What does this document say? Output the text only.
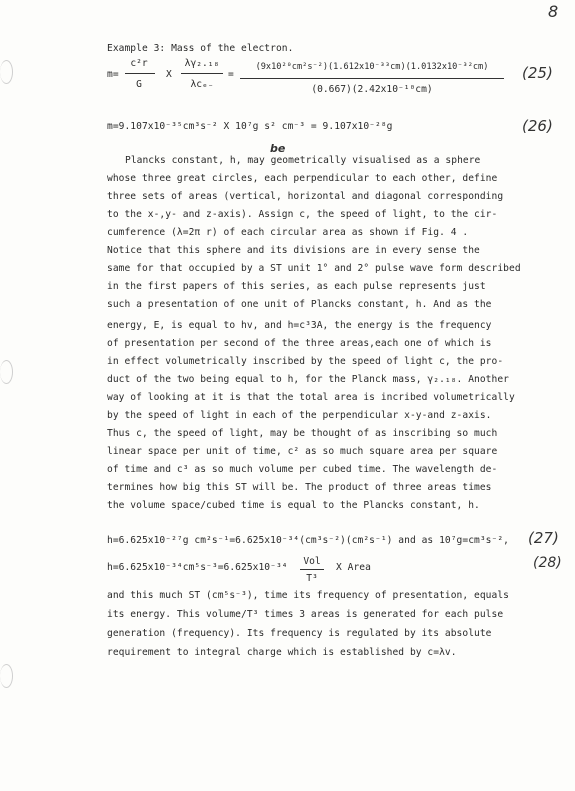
8
Example 3: Mass of the electron.
m=
c²r
G
X
λγ₂.₁₈
λcₑ₋
=
(9x10²⁰cm²s⁻²)(1.612x10⁻³³cm)(1.0132x10⁻³²cm)
(0.667)(2.42x10⁻¹⁰cm)
(25)
m=9.107x10⁻³⁵cm³s⁻² X 10⁷g s² cm⁻³ = 9.107x10⁻²⁸g	(26)
be
Plancks constant, h, may geometrically visualised as a sphere
whose three great circles, each perpendicular to each other, define
three sets of areas (vertical, horizontal and diagonal corresponding
to the x-,y- and z-axis). Assign c, the speed of light, to the cir-
cumference (λ=2π r) of each circular area as shown if Fig. 4 .
Notice that this sphere and its divisions are in every sense the
same for that occupied by a ST unit 1° and 2° pulse wave form described
in the first papers of this series, as each pulse represents just
such a presentation of one unit of Plancks constant, h. And as the
energy, E, is equal to hv, and h=c³3A, the energy is the frequency
of presentation per second of the three areas,each one of which is
in effect volumetrically inscribed by the speed of light c, the pro-
duct of the two being equal to h, for the Planck mass, γ₂.₁₈. Another
way of looking at it is that the total area is incribed volumetrically
by the speed of light in each of the perpendicular x-y-and z-axis.
Thus c, the speed of light, may be thought of as inscribing so much
linear space per unit of time, c² as so much square area per square
of time and c³ as so much volume per cubed time. The wavelength de-
termines how big this ST will be. The product of three areas times
the volume space/cubed time is equal to the Plancks constant, h.
h=6.625x10⁻²⁷g cm²s⁻¹=6.625x10⁻³⁴(cm³s⁻²)(cm²s⁻¹) and as 10⁷g=cm³s⁻², (27)
h=6.625x10⁻³⁴cm⁵s⁻³=6.625x10⁻³⁴
Vol
T³
X Area	(28)
and this much ST (cm⁵s⁻³), time its frequency of presentation, equals
its energy. This volume/T³ times 3 areas is generated for each pulse
generation (frequency). Its frequency is regulated by its absolute
requirement to integral charge which is established by c=λv.
